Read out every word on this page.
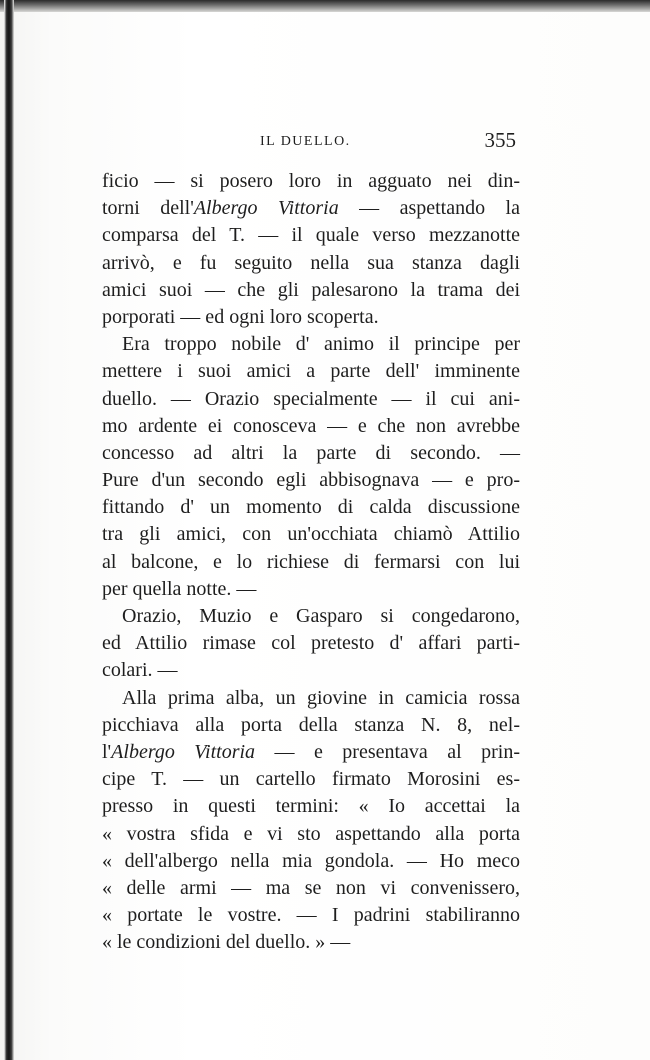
IL DUELLO.	355
ficio — si posero loro in agguato nei din-
torni dell'Albergo Vittoria — aspettando la
comparsa del T. — il quale verso mezzanotte
arrivò, e fu seguito nella sua stanza dagli
amici suoi — che gli palesarono la trama dei
porporati — ed ogni loro scoperta.
Era troppo nobile d' animo il principe per
mettere i suoi amici a parte dell' imminente
duello. — Orazio specialmente — il cui ani-
mo ardente ei conosceva — e che non avrebbe
concesso ad altri la parte di secondo. —
Pure d'un secondo egli abbisognava — e pro-
fittando d' un momento di calda discussione
tra gli amici, con un'occhiata chiamò Attilio
al balcone, e lo richiese di fermarsi con lui
per quella notte. —
Orazio, Muzio e Gasparo si congedarono,
ed Attilio rimase col pretesto d' affari parti-
colari. —
Alla prima alba, un giovine in camicia rossa
picchiava alla porta della stanza N. 8, nel-
l'Albergo Vittoria — e presentava al prin-
cipe T. — un cartello firmato Morosini es-
presso in questi termini: « Io accettai la
« vostra sfida e vi sto aspettando alla porta
« dell'albergo nella mia gondola. — Ho meco
« delle armi — ma se non vi convenissero,
« portate le vostre. — I padrini stabiliranno
« le condizioni del duello. » —
